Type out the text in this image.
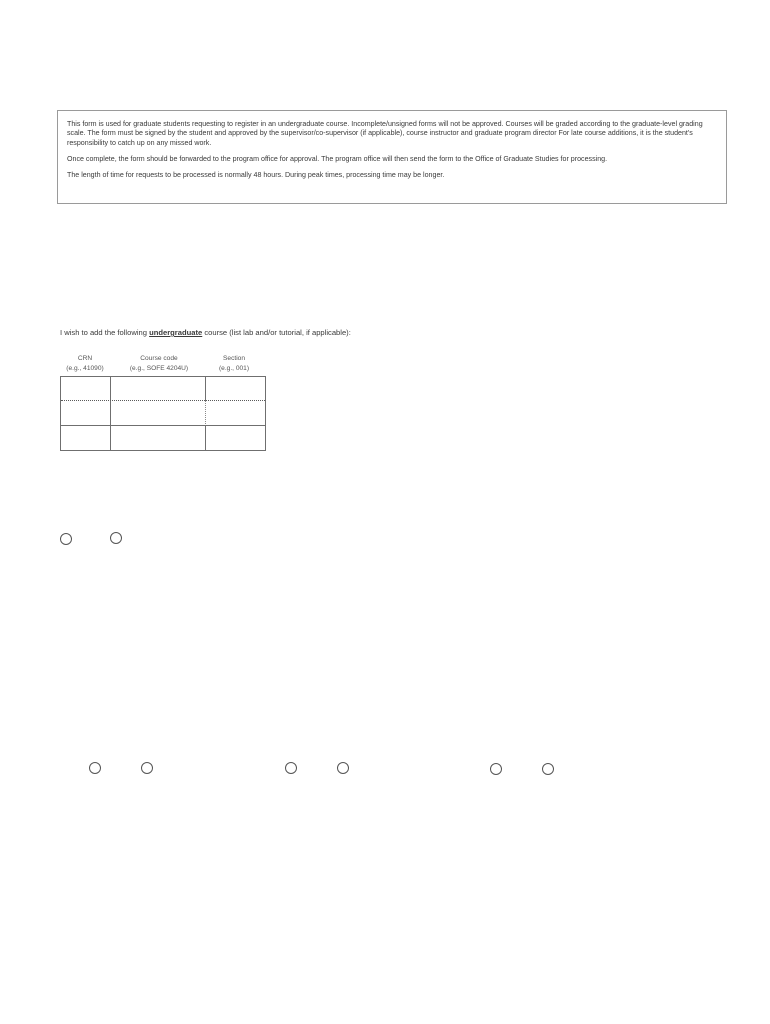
This form is used for graduate students requesting to register in an undergraduate course. Incomplete/unsigned forms will not be approved. Courses will be graded according to the graduate-level grading scale. The form must be signed by the student and approved by the supervisor/co-supervisor (if applicable), course instructor and graduate program director For late course additions, it is the student's responsibility to catch up on any missed work.

Once complete, the form should be forwarded to the program office for approval. The program office will then send the form to the Office of Graduate Studies for processing.

The length of time for requests to be processed is normally 48 hours. During peak times, processing time may be longer.

I wish to add the following undergraduate course (list lab and/or tutorial, if applicable):
CRN
(e.g., 41090)
Course code
(e.g., SOFE 4204U)
Section
(e.g., 001)
